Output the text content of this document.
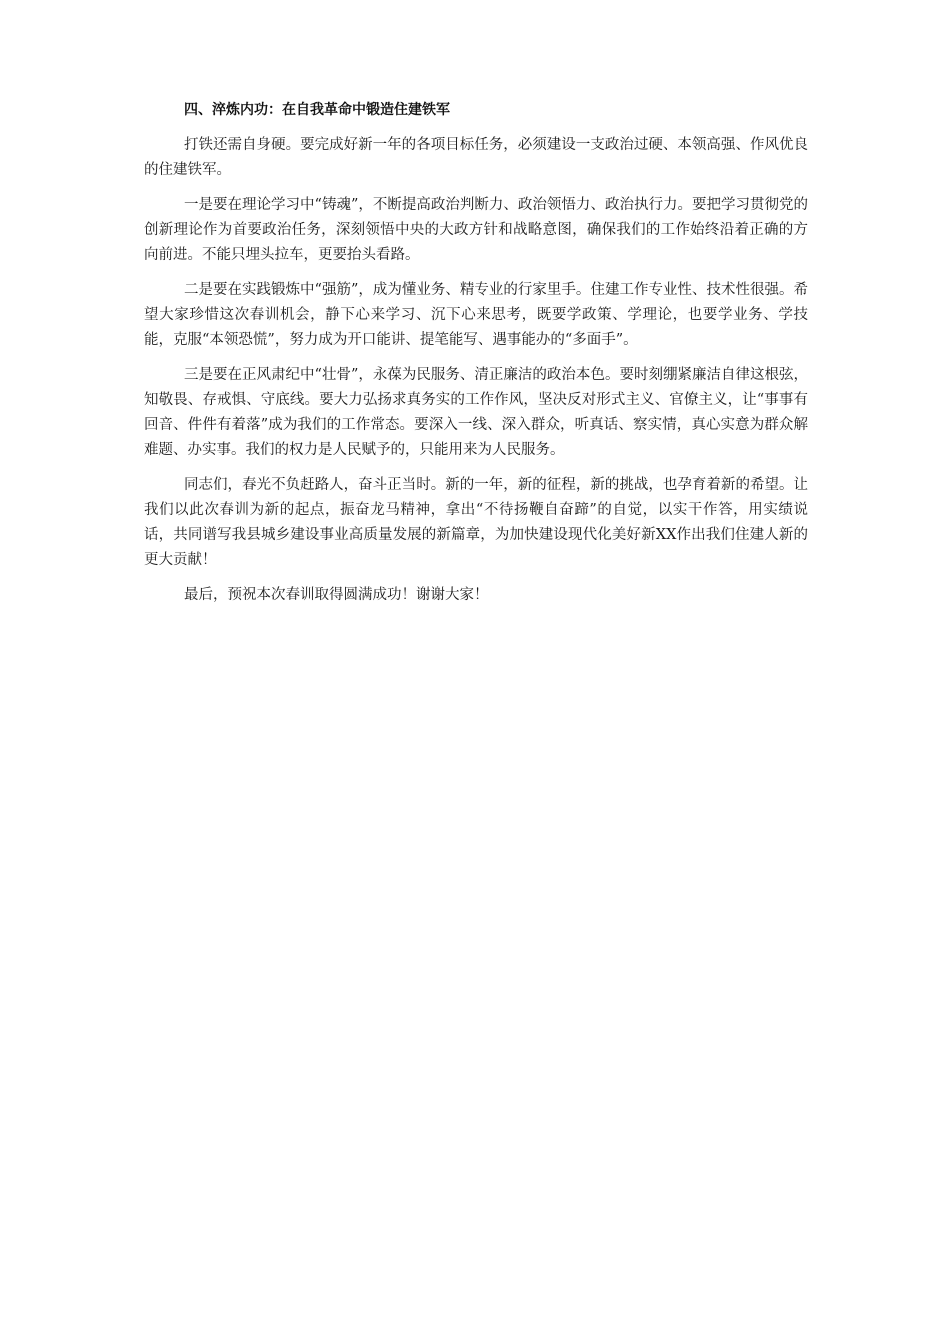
四、淬炼内功：在自我革命中锻造住建铁军

打铁还需自身硬。要完成好新一年的各项目标任务，必须建设一支政治过硬、本领高强、作风优良的住建铁军。

一是要在理论学习中“铸魂”，不断提高政治判断力、政治领悟力、政治执行力。要把学习贯彻党的创新理论作为首要政治任务，深刻领悟中央的大政方针和战略意图，确保我们的工作始终沿着正确的方向前进。不能只埋头拉车，更要抬头看路。

二是要在实践锻炼中“强筋”，成为懂业务、精专业的行家里手。住建工作专业性、技术性很强。希望大家珍惜这次春训机会，静下心来学习、沉下心来思考，既要学政策、学理论，也要学业务、学技能，克服“本领恐慌”，努力成为开口能讲、提笔能写、遇事能办的“多面手”。

三是要在正风肃纪中“壮骨”，永葆为民服务、清正廉洁的政治本色。要时刻绷紧廉洁自律这根弦，知敬畏、存戒惧、守底线。要大力弘扬求真务实的工作作风，坚决反对形式主义、官僚主义，让“事事有回音、件件有着落”成为我们的工作常态。要深入一线、深入群众，听真话、察实情，真心实意为群众解难题、办实事。我们的权力是人民赋予的，只能用来为人民服务。

同志们，春光不负赶路人，奋斗正当时。新的一年，新的征程，新的挑战，也孕育着新的希望。让我们以此次春训为新的起点，振奋龙马精神，拿出“不待扬鞭自奋蹄”的自觉，以实干作答，用实绩说话，共同谱写我县城乡建设事业高质量发展的新篇章，为加快建设现代化美好新XX作出我们住建人新的更大贡献！

最后，预祝本次春训取得圆满成功！谢谢大家！
